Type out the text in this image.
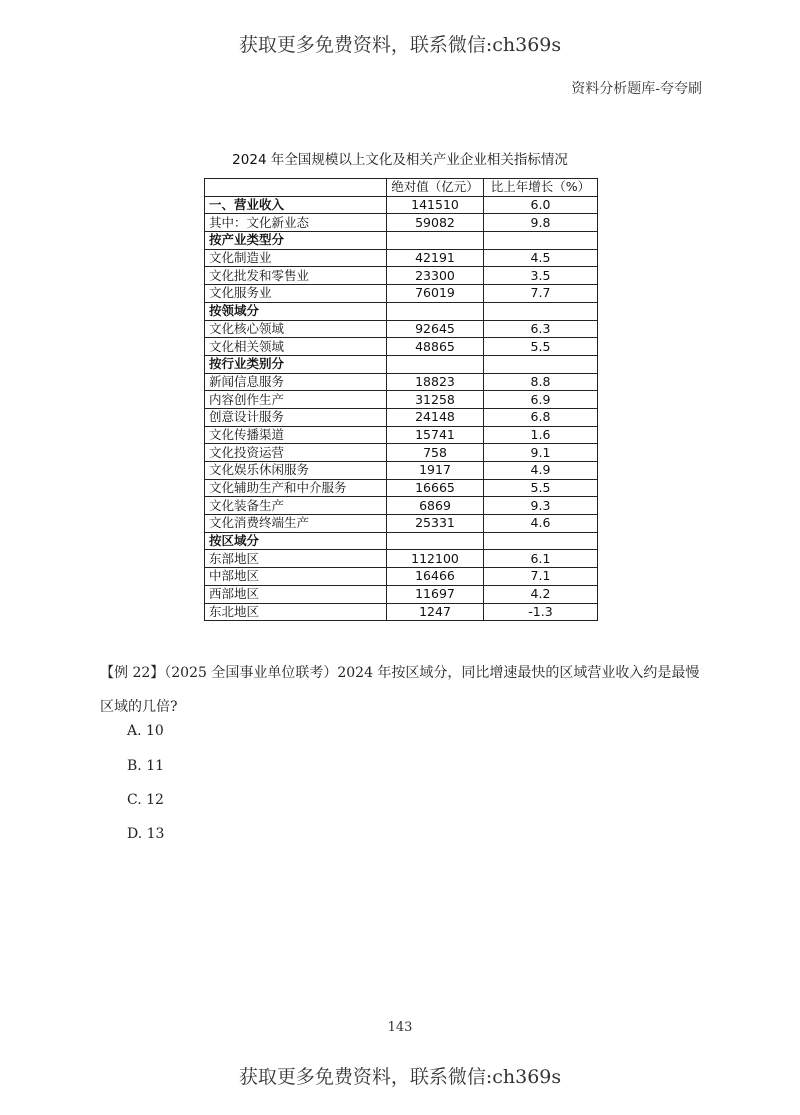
获取更多免费资料，联系微信:ch369s
资料分析题库-夸夸刷
2024 年全国规模以上文化及相关产业企业相关指标情况
	绝对值（亿元）	比上年增长（%）
一、营业收入	141510	6.0
其中：文化新业态	59082	9.8
按产业类型分		
文化制造业	42191	4.5
文化批发和零售业	23300	3.5
文化服务业	76019	7.7
按领域分		
文化核心领域	92645	6.3
文化相关领域	48865	5.5
按行业类别分		
新闻信息服务	18823	8.8
内容创作生产	31258	6.9
创意设计服务	24148	6.8
文化传播渠道	15741	1.6
文化投资运营	758	9.1
文化娱乐休闲服务	1917	4.9
文化辅助生产和中介服务	16665	5.5
文化装备生产	6869	9.3
文化消费终端生产	25331	4.6
按区域分		
东部地区	112100	6.1
中部地区	16466	7.1
西部地区	11697	4.2
东北地区	1247	-1.3
【例 22】（2025 全国事业单位联考）2024 年按区域分，同比增速最快的区域营业收入约是最慢区域的几倍?
A. 10
B. 11
C. 12
D. 13
143
获取更多免费资料，联系微信:ch369s
